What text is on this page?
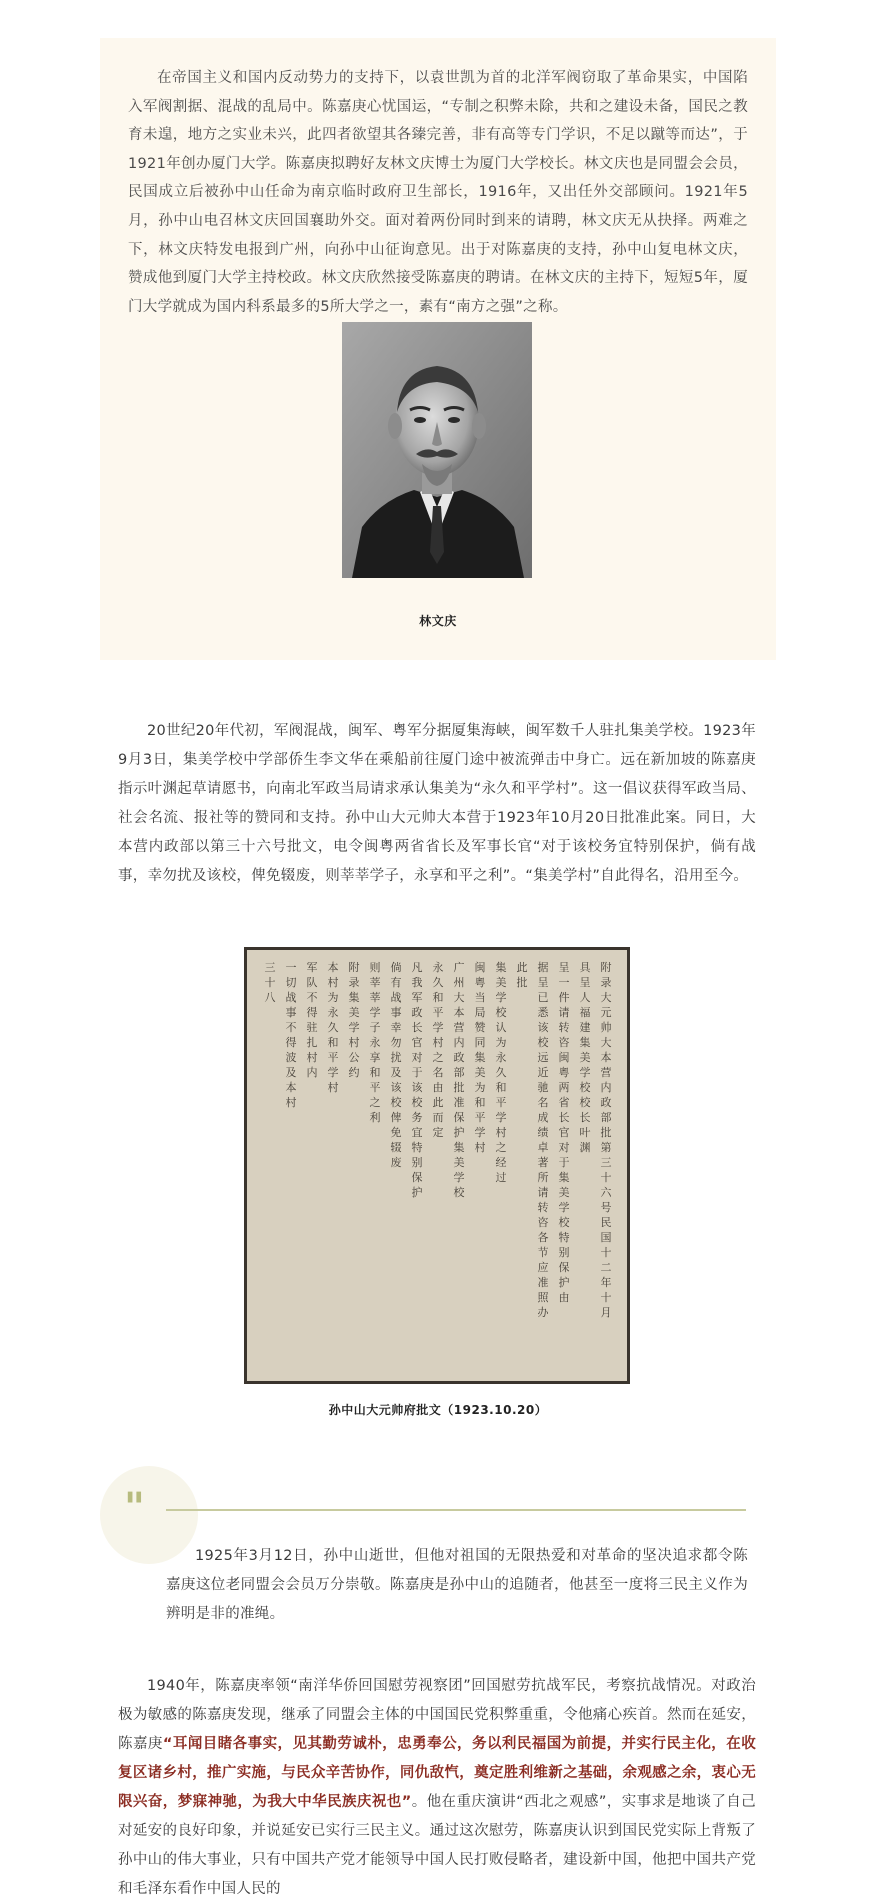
在帝国主义和国内反动势力的支持下，以袁世凯为首的北洋军阀窃取了革命果实，中国陷入军阀割据、混战的乱局中。陈嘉庚心忧国运，“专制之积弊未除，共和之建设未备，国民之教育未遑，地方之实业未兴，此四者欲望其各臻完善，非有高等专门学识，不足以蹴等而达”，于1921年创办厦门大学。陈嘉庚拟聘好友林文庆博士为厦门大学校长。林文庆也是同盟会会员，民国成立后被孙中山任命为南京临时政府卫生部长，1916年，又出任外交部顾问。1921年5月，孙中山电召林文庆回国襄助外交。面对着两份同时到来的请聘，林文庆无从抉择。两难之下，林文庆特发电报到广州，向孙中山征询意见。出于对陈嘉庚的支持，孙中山复电林文庆，赞成他到厦门大学主持校政。林文庆欣然接受陈嘉庚的聘请。在林文庆的主持下，短短5年，厦门大学就成为国内科系最多的5所大学之一，素有“南方之强”之称。

林文庆

20世纪20年代初，军阀混战，闽军、粤军分据厦集海峡，闽军数千人驻扎集美学校。1923年9月3日，集美学校中学部侨生李文华在乘船前往厦门途中被流弹击中身亡。远在新加坡的陈嘉庚指示叶渊起草请愿书，向南北军政当局请求承认集美为“永久和平学村”。这一倡议获得军政当局、社会名流、报社等的赞同和支持。孙中山大元帅大本营于1923年10月20日批准此案。同日，大本营内政部以第三十六号批文，电令闽粤两省省长及军事长官“对于该校务宜特别保护，倘有战事，幸勿扰及该校，俾免辍废，则莘莘学子，永享和平之利”。“集美学村”自此得名，沿用至今。

附录大元帅大本营内政部批第三十六号民国十二年十月
具呈人福建集美学校校长叶渊
呈一件请转咨闽粤两省长官对于集美学校特别保护由
据呈已悉该校远近驰名成绩卓著所请转咨各节应准照办
此批
集美学校认为永久和平学村之经过
闽粤当局赞同集美为和平学村
广州大本营内政部批准保护集美学校
永久和平学村之名由此而定
凡我军政长官对于该校务宜特别保护
倘有战事幸勿扰及该校俾免辍废
则莘莘学子永享和平之利
附录集美学村公约
本村为永久和平学村
军队不得驻扎村内
一切战事不得波及本村
三十八
孙中山大元帅府批文（1923.10.20）
"

1925年3月12日，孙中山逝世，但他对祖国的无限热爱和对革命的坚决追求都令陈嘉庚这位老同盟会会员万分崇敬。陈嘉庚是孙中山的追随者，他甚至一度将三民主义作为辨明是非的准绳。

1940年，陈嘉庚率领“南洋华侨回国慰劳视察团”回国慰劳抗战军民，考察抗战情况。对政治极为敏感的陈嘉庚发现，继承了同盟会主体的中国国民党积弊重重，令他痛心疾首。然而在延安，陈嘉庚“耳闻目睹各事实，见其勤劳诚朴，忠勇奉公，务以利民福国为前提，并实行民主化，在收复区诸乡村，推广实施，与民众辛苦协作，同仇敌忾，奠定胜利维新之基础，余观感之余，衷心无限兴奋，梦寐神驰，为我大中华民族庆祝也”。他在重庆演讲“西北之观感”，实事求是地谈了自己对延安的良好印象，并说延安已实行三民主义。通过这次慰劳，陈嘉庚认识到国民党实际上背叛了孙中山的伟大事业，只有中国共产党才能领导中国人民打败侵略者，建设新中国，他把中国共产党和毛泽东看作中国人民的
